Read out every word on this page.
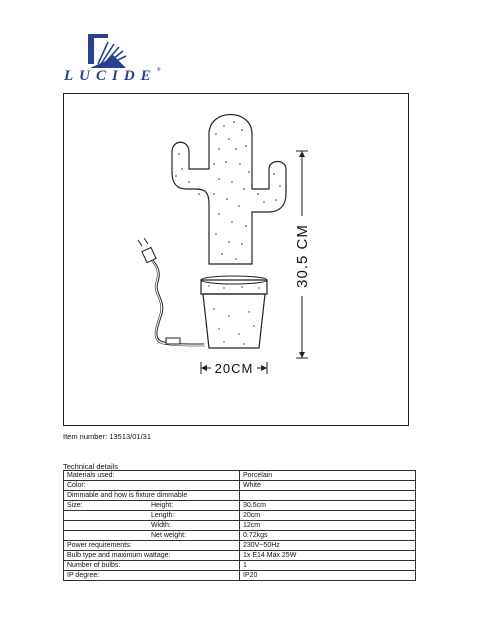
LUCIDE®
30.5 CM
20CM
Item number: 13513/01/31
Technical details
Materials used:		Porcelain
Color:		White
Dimmable and how is fixture dimmable		
Size:	Height:	30.5cm
	Length:	20cm
	Width:	12cm
	Net weight:	0.72kgs
Power requirements:		230V~50Hz
Bulb type and maximum wattage:		1x E14 Max 25W
Number of bulbs:		1
IP degree:		IP20
